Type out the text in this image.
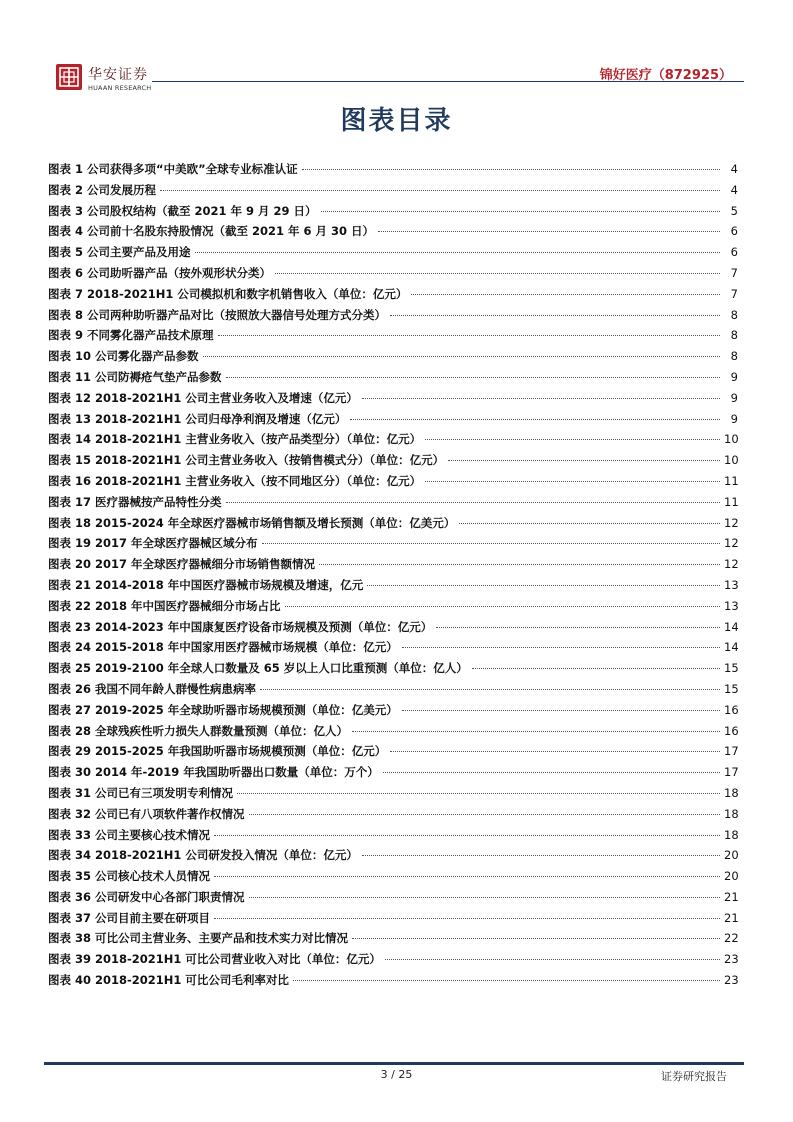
华安证券
HUAAN RESEARCH
锦好医疗（872925）
图表目录
图表 1 公司获得多项“中美欧”全球专业标准认证	4
图表 2 公司发展历程	4
图表 3 公司股权结构（截至 2021 年 9 月 29 日）	5
图表 4 公司前十名股东持股情况（截至 2021 年 6 月 30 日）	6
图表 5 公司主要产品及用途	6
图表 6 公司助听器产品（按外观形状分类）	7
图表 7 2018-2021H1 公司模拟机和数字机销售收入（单位：亿元）	7
图表 8 公司两种助听器产品对比（按照放大器信号处理方式分类）	8
图表 9 不同雾化器产品技术原理	8
图表 10 公司雾化器产品参数	8
图表 11 公司防褥疮气垫产品参数	9
图表 12 2018-2021H1 公司主营业务收入及增速（亿元）	9
图表 13 2018-2021H1 公司归母净利润及增速（亿元）	9
图表 14 2018-2021H1 主营业务收入（按产品类型分）（单位：亿元）	10
图表 15 2018-2021H1 公司主营业务收入（按销售模式分）（单位：亿元）	10
图表 16 2018-2021H1 主营业务收入（按不同地区分）（单位：亿元）	11
图表 17 医疗器械按产品特性分类	11
图表 18 2015-2024 年全球医疗器械市场销售额及增长预测（单位：亿美元）	12
图表 19 2017 年全球医疗器械区域分布	12
图表 20 2017 年全球医疗器械细分市场销售额情况	12
图表 21 2014-2018 年中国医疗器械市场规模及增速，亿元	13
图表 22 2018 年中国医疗器械细分市场占比	13
图表 23 2014-2023 年中国康复医疗设备市场规模及预测（单位：亿元）	14
图表 24 2015-2018 年中国家用医疗器械市场规模（单位：亿元）	14
图表 25 2019-2100 年全球人口数量及 65 岁以上人口比重预测（单位：亿人）	15
图表 26 我国不同年龄人群慢性病患病率	15
图表 27 2019-2025 年全球助听器市场规模预测（单位：亿美元）	16
图表 28 全球残疾性听力损失人群数量预测（单位：亿人）	16
图表 29 2015-2025 年我国助听器市场规模预测（单位：亿元）	17
图表 30 2014 年-2019 年我国助听器出口数量（单位：万个）	17
图表 31 公司已有三项发明专利情况	18
图表 32 公司已有八项软件著作权情况	18
图表 33 公司主要核心技术情况	18
图表 34 2018-2021H1 公司研发投入情况（单位：亿元）	20
图表 35 公司核心技术人员情况	20
图表 36 公司研发中心各部门职责情况	21
图表 37 公司目前主要在研项目	21
图表 38 可比公司主营业务、主要产品和技术实力对比情况	22
图表 39 2018-2021H1 可比公司营业收入对比（单位：亿元）	23
图表 40 2018-2021H1 可比公司毛利率对比	23
3 / 25	证券研究报告
